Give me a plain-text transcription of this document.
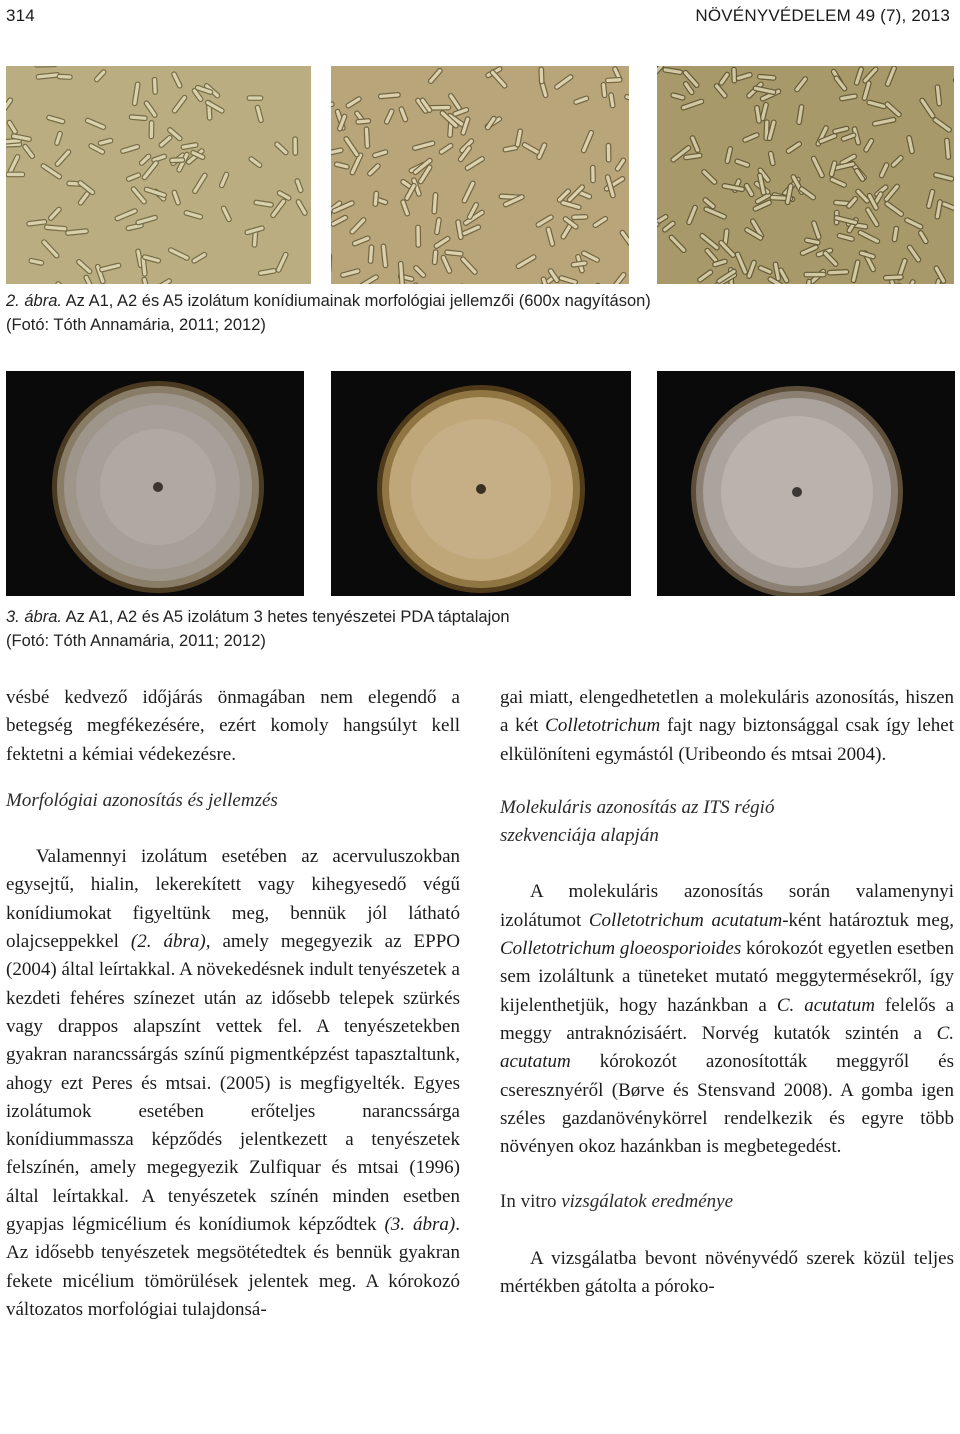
314	NÖVÉNYVÉDELEM 49 (7), 2013
2. ábra. Az A1, A2 és A5 izolátum konídiumainak morfológiai jellemzői (600x nagyításon)
(Fotó: Tóth Annamária, 2011; 2012)
3. ábra. Az A1, A2 és A5 izolátum 3 hetes tenyészetei PDA táptalajon
(Fotó: Tóth Annamária, 2011; 2012)

vésbé kedvező időjárás önmagában nem elegendő a betegség megfékezésére, ezért komoly hangsúlyt kell fektetni a kémiai védekezésre.

Morfológiai azonosítás és jellemzés

Valamennyi izolátum esetében az acervuluszokban egysejtű, hialin, lekerekített vagy kihegyesedő végű konídiumokat figyeltünk meg, bennük jól látható olajcseppekkel (2. ábra), amely megegyezik az EPPO (2004) által leírtakkal. A növekedésnek indult tenyészetek a kezdeti fehéres színezet után az idősebb telepek szürkés vagy drappos alapszínt vettek fel. A tenyészetekben gyakran narancssárgás színű pigmentképzést tapasztaltunk, ahogy ezt Peres és mtsai. (2005) is megfigyelték. Egyes izolátumok esetében erőteljes narancssárga konídiummassza képződés jelentkezett a tenyészetek felszínén, amely megegyezik Zulfiquar és mtsai (1996) által leírtakkal. A tenyészetek színén minden esetben gyapjas légmicélium és konídiumok képződtek (3. ábra). Az idősebb tenyészetek megsötétedtek és bennük gyakran fekete micélium tömörülések jelentek meg. A kórokozó változatos morfológiai tulajdonsá-

gai miatt, elengedhetetlen a molekuláris azonosítás, hiszen a két Colletotrichum fajt nagy biztonsággal csak így lehet elkülöníteni egymástól (Uribeondo és mtsai 2004).

Molekuláris azonosítás az ITS régió
szekvenciája alapján

A molekuláris azonosítás során valamenynyi izolátumot Colletotrichum acutatum-ként határoztuk meg, Colletotrichum gloeosporioides kórokozót egyetlen esetben sem izoláltunk a tüneteket mutató meggytermésekről, így kijelenthetjük, hogy hazánkban a C. acutatum felelős a meggy antraknózisáért. Norvég kutatók szintén a C. acutatum kórokozót azonosították meggyről és cseresznyéről (Børve és Stensvand 2008). A gomba igen széles gazdanövénykörrel rendelkezik és egyre több növényen okoz hazánkban is megbetegedést.

In vitro vizsgálatok eredménye

A vizsgálatba bevont növényvédő szerek közül teljes mértékben gátolta a póroko-
